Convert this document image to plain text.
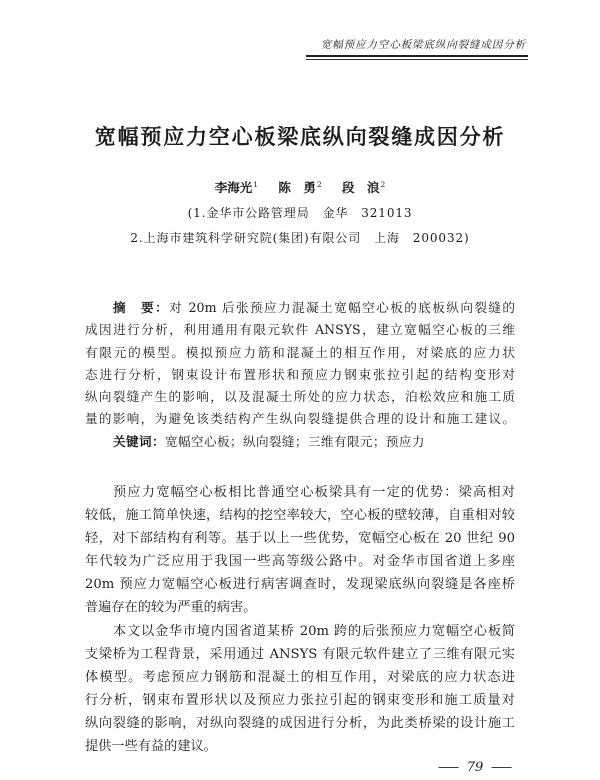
宽幅预应力空心板梁底纵向裂缝成因分析
宽幅预应力空心板梁底纵向裂缝成因分析
李海光$^1$ 陈　勇$^2$ 段　浪$^2$
(1.金华市公路管理局　金华　321013
2.上海市建筑科学研究院(集团)有限公司　上海　200032)
摘　要：对 20m 后张预应力混凝土宽幅空心板的底板纵向裂缝的
成因进行分析，利用通用有限元软件 ANSYS，建立宽幅空心板的三维
有限元的模型。模拟预应力筋和混凝土的相互作用，对梁底的应力状
态进行分析，钢束设计布置形状和预应力钢束张拉引起的结构变形对
纵向裂缝产生的影响，以及混凝土所处的应力状态，泊松效应和施工质
量的影响，为避免该类结构产生纵向裂缝提供合理的设计和施工建议。
关键词：宽幅空心板；纵向裂缝；三维有限元；预应力
预应力宽幅空心板相比普通空心板梁具有一定的优势：梁高相对
较低，施工简单快速，结构的挖空率较大，空心板的壁较薄，自重相对较
轻，对下部结构有利等。基于以上一些优势，宽幅空心板在 20 世纪 90
年代较为广泛应用于我国一些高等级公路中。对金华市国省道上多座
20m 预应力宽幅空心板进行病害调查时，发现梁底纵向裂缝是各座桥
普遍存在的较为严重的病害。
本文以金华市境内国省道某桥 20m 跨的后张预应力宽幅空心板简
支梁桥为工程背景，采用通过 ANSYS 有限元软件建立了三维有限元实
体模型。考虑预应力钢筋和混凝土的相互作用，对梁底的应力状态进
行分析，钢束布置形状以及预应力张拉引起的钢束变形和施工质量对
纵向裂缝的影响，对纵向裂缝的成因进行分析，为此类桥梁的设计施工
提供一些有益的建议。
— 79 —
